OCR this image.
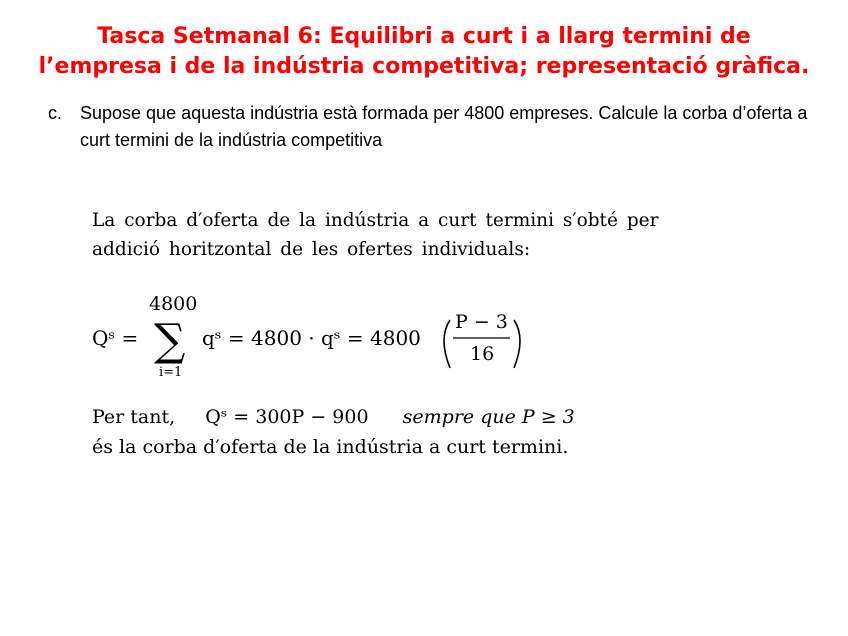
Tasca Setmanal 6: Equilibri a curt i a llarg termini de
l’empresa i de la indústria competitiva; representació gràfica.
c. Supose que aquesta indústria està formada per 4800 empreses. Calcule la corba d’oferta a curt termini de la indústria competitiva
La corba d′oferta de la indústria a curt termini s′obté per
addició horitzontal de les ofertes individuals:
Qˢ =
4800
∑
i=1
qˢ = 4800 · qˢ = 4800
P − 3
16
Per tant, Qˢ = 300P − 900 sempre que P ≥ 3
és la corba d′oferta de la indústria a curt termini.
